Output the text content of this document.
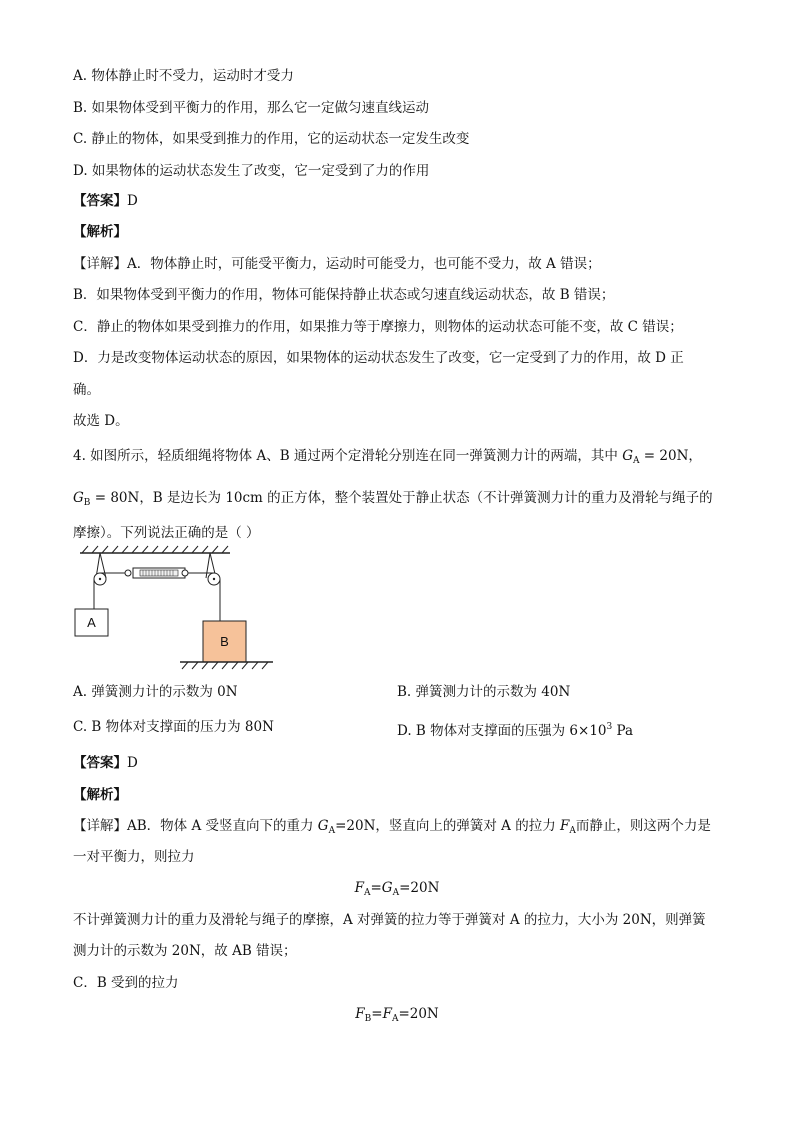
A. 物体静止时不受力，运动时才受力
B. 如果物体受到平衡力的作用，那么它一定做匀速直线运动
C. 静止的物体，如果受到推力的作用，它的运动状态一定发生改变
D. 如果物体的运动状态发生了改变，它一定受到了力的作用
【答案】D
【解析】
【详解】A．物体静止时，可能受平衡力，运动时可能受力，也可能不受力，故 A 错误；
B．如果物体受到平衡力的作用，物体可能保持静止状态或匀速直线运动状态，故 B 错误；
C．静止的物体如果受到推力的作用，如果推力等于摩擦力，则物体的运动状态可能不变，故 C 错误；
D．力是改变物体运动状态的原因，如果物体的运动状态发生了改变，它一定受到了力的作用，故 D 正
确。
故选 D。
4. 如图所示，轻质细绳将物体 A、B 通过两个定滑轮分别连在同一弹簧测力计的两端，其中 $G_A = 20N$，
$G_B = 80N$，B 是边长为 10cm 的正方体，整个装置处于静止状态（不计弹簧测力计的重力及滑轮与绳子的
摩擦）。下列说法正确的是（ ）
A
B
A. 弹簧测力计的示数为 0N	B. 弹簧测力计的示数为 40N
C. B 物体对支撑面的压力为 80N	D. B 物体对支撑面的压强为 $6\times 10^3$ Pa
【答案】D
【解析】
【详解】AB．物体 A 受竖直向下的重力 $G_A=20N$，竖直向上的弹簧对 A 的拉力 $F_A$而静止，则这两个力是
一对平衡力，则拉力
$F_A=G_A=20N$
不计弹簧测力计的重力及滑轮与绳子的摩擦，A 对弹簧的拉力等于弹簧对 A 的拉力，大小为 20N，则弹簧
测力计的示数为 20N，故 AB 错误；
C．B 受到的拉力
$F_B=F_A=20N$
